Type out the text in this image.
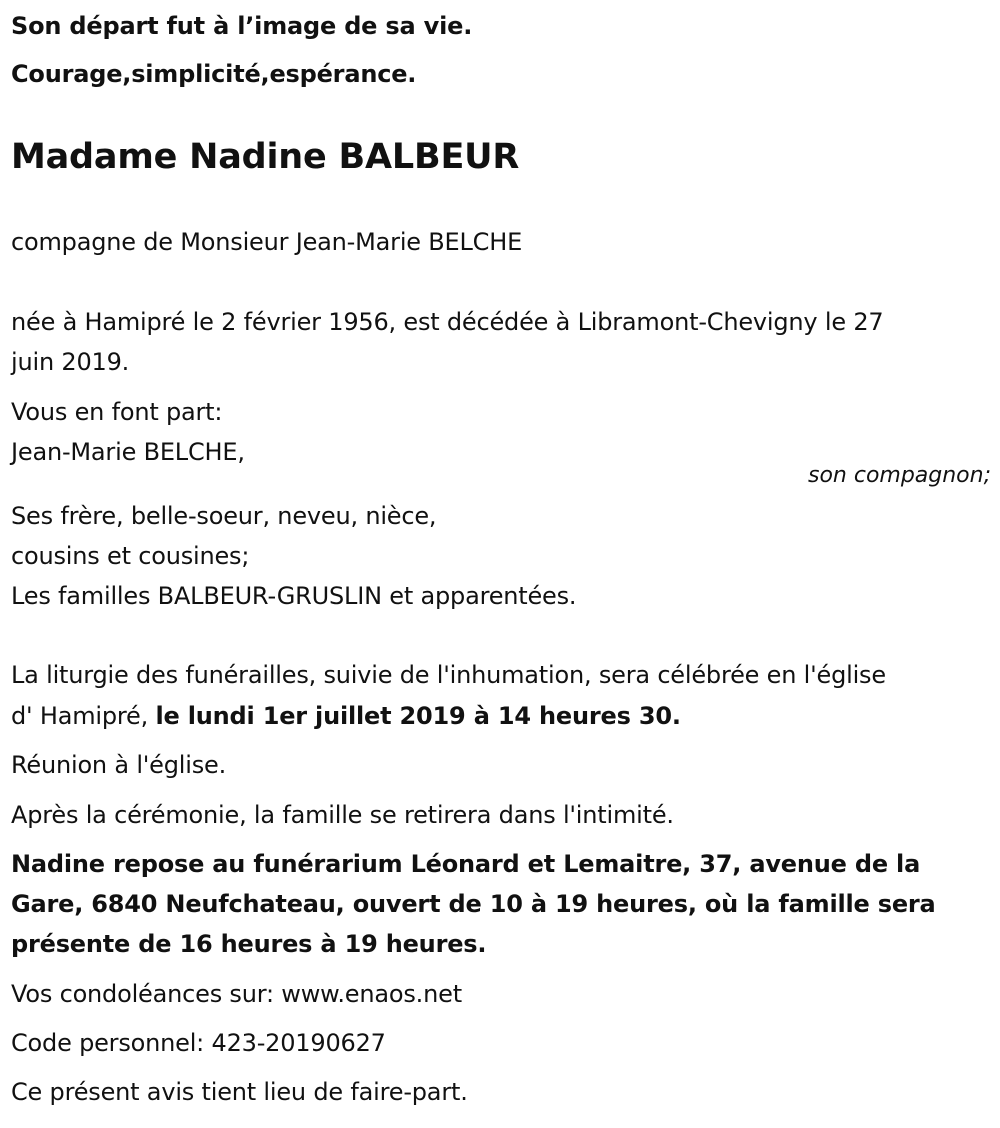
Son départ fut à l’image de sa vie.
Courage,simplicité,espérance.
Madame Nadine BALBEUR
compagne de Monsieur Jean-Marie BELCHE
née à Hamipré le 2 février 1956, est décédée à Libramont-Chevigny le 27
juin 2019.
Vous en font part:
Jean-Marie BELCHE,
son compagnon;
Ses frère, belle-soeur, neveu, nièce,
cousins et cousines;
Les familles BALBEUR-GRUSLIN et apparentées.
La liturgie des funérailles, suivie de l'inhumation, sera célébrée en l'église
d' Hamipré, le lundi 1er juillet 2019 à 14 heures 30.
Réunion à l'église.
Après la cérémonie, la famille se retirera dans l'intimité.
Nadine repose au funérarium Léonard et Lemaitre, 37, avenue de la
Gare, 6840 Neufchateau, ouvert de 10 à 19 heures, où la famille sera
présente de 16 heures à 19 heures.
Vos condoléances sur: www.enaos.net
Code personnel: 423-20190627
Ce présent avis tient lieu de faire-part.
